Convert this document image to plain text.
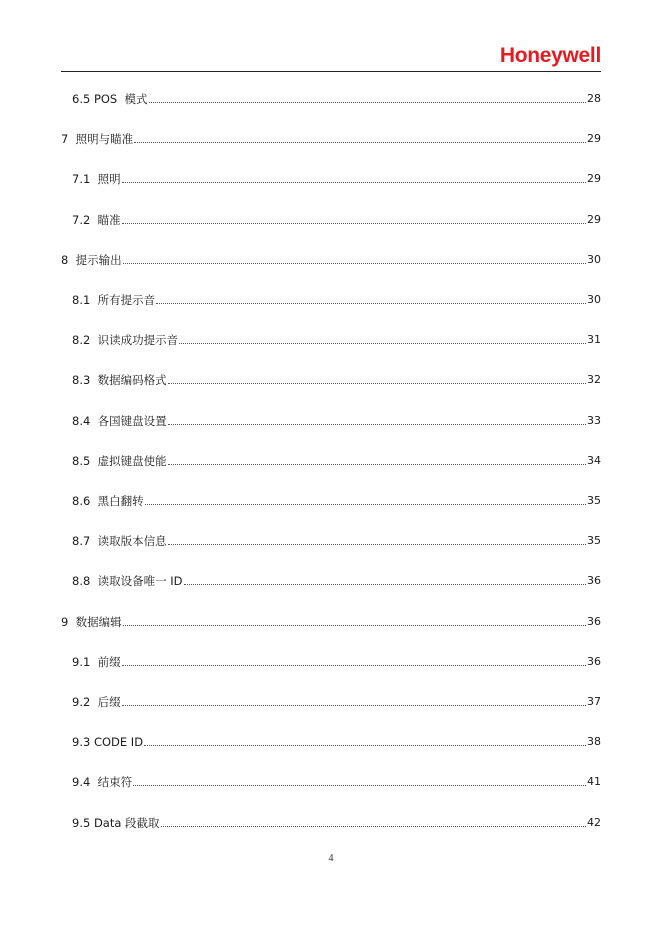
Honeywell
6.5 POS  模式	28
7  照明与瞄准	29
7.1  照明	29
7.2  瞄准	29
8  提示输出	30
8.1  所有提示音	30
8.2  识读成功提示音	31
8.3  数据编码格式	32
8.4  各国键盘设置	33
8.5  虚拟键盘使能	34
8.6  黑白翻转	35
8.7  读取版本信息	35
8.8  读取设备唯一 ID	36
9  数据编辑	36
9.1  前缀	36
9.2  后缀	37
9.3 CODE ID	38
9.4  结束符	41
9.5 Data 段截取	42
4
